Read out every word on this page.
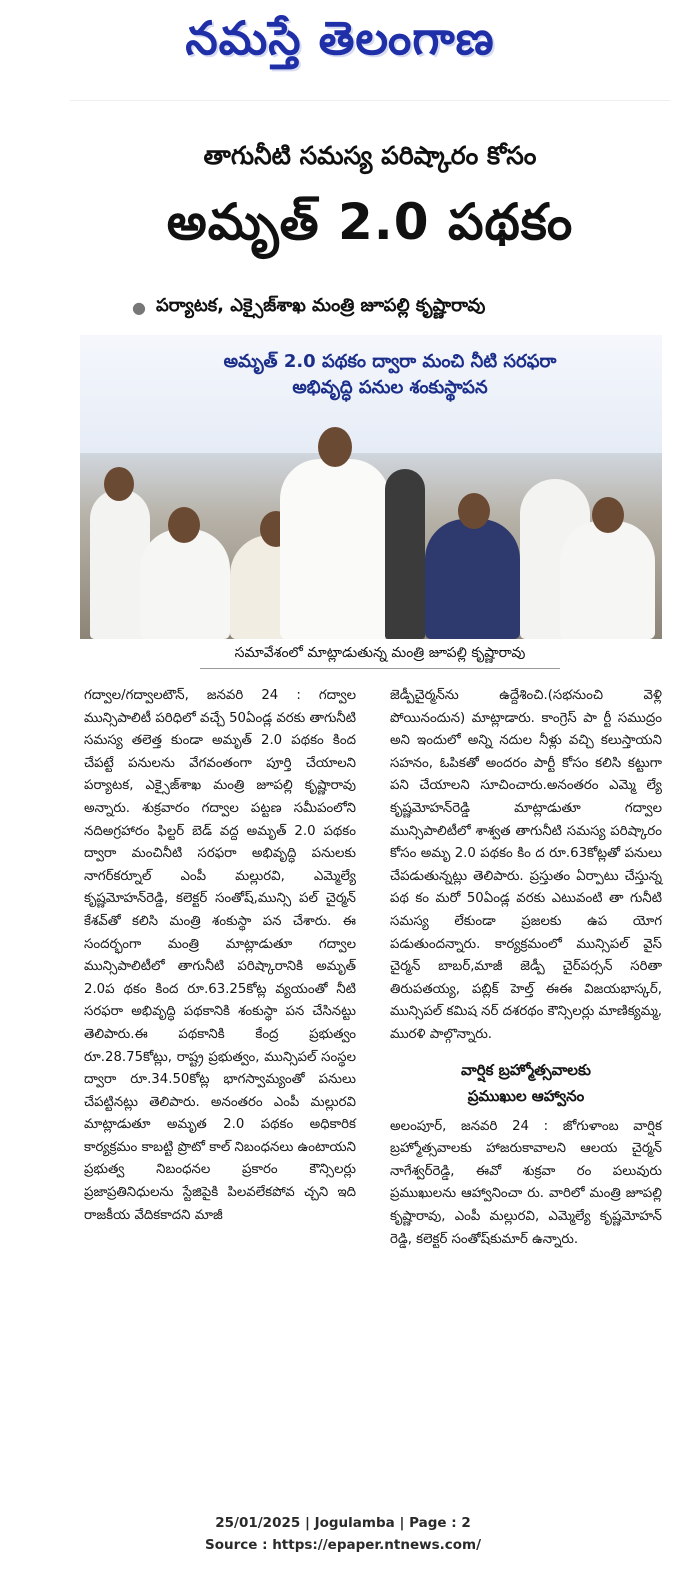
నమస్తే తెలంగాణ
తాగునీటి సమస్య పరిష్కారం కోసం
అమృత్ 2.0 పథకం
● పర్యాటక, ఎక్సైజ్‌శాఖ మంత్రి జూపల్లి కృష్ణారావు
అమృత్ 2.0 పథకం ద్వారా మంచి నీటి సరఫరా
అభివృద్ధి పనుల శంకుస్థాపన
సమావేశంలో మాట్లాడుతున్న మంత్రి జూపల్లి కృష్ణారావు

గద్వాల/గద్వాలటౌన్, జనవరి 24 : గద్వాల మున్సిపాలిటీ పరిధిలో వచ్చే 50ఏండ్ల వరకు తాగునీటి సమస్య తలెత్త కుండా అమృత్ 2.0 పథకం కింద చేపట్టే పనులను వేగవంతంగా పూర్తి చేయాలని పర్యాటక, ఎక్సైజ్‌శాఖ మంత్రి జూపల్లి కృష్ణారావు అన్నారు. శుక్రవారం గద్వాల పట్టణ సమీపంలోని నదిఅగ్రహారం ఫిల్టర్ బెడ్ వద్ద అమృత్ 2.0 పథకం ద్వారా మంచినీటి సరఫరా అభివృద్ధి పనులకు నాగర్‌కర్నూల్ ఎంపీ మల్లురవి, ఎమ్మెల్యే కృష్ణమోహన్‌రెడ్డి, కలెక్టర్ సంతోష్,మున్సి పల్ చైర్మన్ కేశవ్‌తో కలిసి మంత్రి శంకుస్థా పన చేశారు. ఈ సందర్భంగా మంత్రి మాట్లాడుతూ గద్వాల మున్సిపాలిటీలో తాగునీటి పరిష్కారానికి అమృత్ 2.0ప థకం కింద రూ.63.25కోట్ల వ్యయంతో నీటి సరఫరా అభివృద్ధి పథకానికి శంకుస్థా పన చేసినట్టు తెలిపారు.ఈ పథకానికి కేంద్ర ప్రభుత్వం రూ.28.75కోట్లు, రాష్ట్ర ప్రభుత్వం, మున్సిపల్ సంస్థల ద్వారా రూ.34.50కోట్ల భాగస్వామ్యంతో పనులు చేపట్టినట్లు తెలిపారు. అనంతరం ఎంపీ మల్లురవి మాట్లాడుతూ అమృత 2.0 పథకం అధికారిక కార్యక్రమం కాబట్టి ప్రొటో కాల్ నిబంధనలు ఉంటాయని ప్రభుత్వ నిబంధనల ప్రకారం కౌన్సిలర్లు ప్రజాప్రతినిధులను స్టేజిపైకి పిలవలేకపోవ చ్చని ఇది రాజకీయ వేదికకాదని మాజీ

జెడ్పీచైర్మన్‌ను ఉద్దేశించి.(సభనుంచి వెళ్లి పోయినందున) మాట్లాడారు. కాంగ్రెస్ పా ర్టీ సముద్రం అని ఇందులో అన్ని నదుల నీళ్లు వచ్చి కలుస్తాయని సహనం, ఓపికతో అందరం పార్టీ కోసం కలిసి కట్టుగా పని చేయాలని సూచించారు.అనంతరం ఎమ్మె ల్యే కృష్ణమోహన్‌రెడ్డి మాట్లాడుతూ గద్వాల మున్సిపాలిటీలో శాశ్వత తాగునీటి సమస్య పరిష్కారం కోసం అమృ 2.0 పథకం కిం ద రూ.63కోట్లతో పనులు చేపడుతున్నట్లు తెలిపారు. ప్రస్తుతం ఏర్పాటు చేస్తున్న పథ కం మరో 50ఏండ్ల వరకు ఎటువంటి తా గునీటి సమస్య లేకుండా ప్రజలకు ఉప యోగ పడుతుందన్నారు. కార్యక్రమంలో మున్సిపల్ వైస్ చైర్మన్ బాబర్,మాజీ జెడ్పీ చైర్‌పర్సన్ సరితా తిరుపతయ్య, పబ్లిక్ హెల్త్ ఈఈ విజయభాస్కర్, మున్సిపల్ కమిష నర్ దశరథం కౌన్సిలర్లు మాణిక్యమ్మ, మురళి పాల్గొన్నారు.

వార్షిక బ్రహ్మోత్సవాలకు
ప్రముఖుల ఆహ్వానం

అలంపూర్, జనవరి 24 : జోగుళాంబ వార్షిక బ్రహ్మోత్సవాలకు హాజరుకావాలని ఆలయ చైర్మన్ నాగేశ్వర్‌రెడ్డి, ఈవో శుక్రవా రం పలువురు ప్రముఖులను ఆహ్వానించా రు. వారిలో మంత్రి జూపల్లి కృష్ణారావు, ఎంపీ మల్లురవి, ఎమ్మెల్యే కృష్ణమోహన్ రెడ్డి, కలెక్టర్ సంతోష్‌కుమార్ ఉన్నారు.

25/01/2025 | Jogulamba | Page : 2
Source : https://epaper.ntnews.com/
